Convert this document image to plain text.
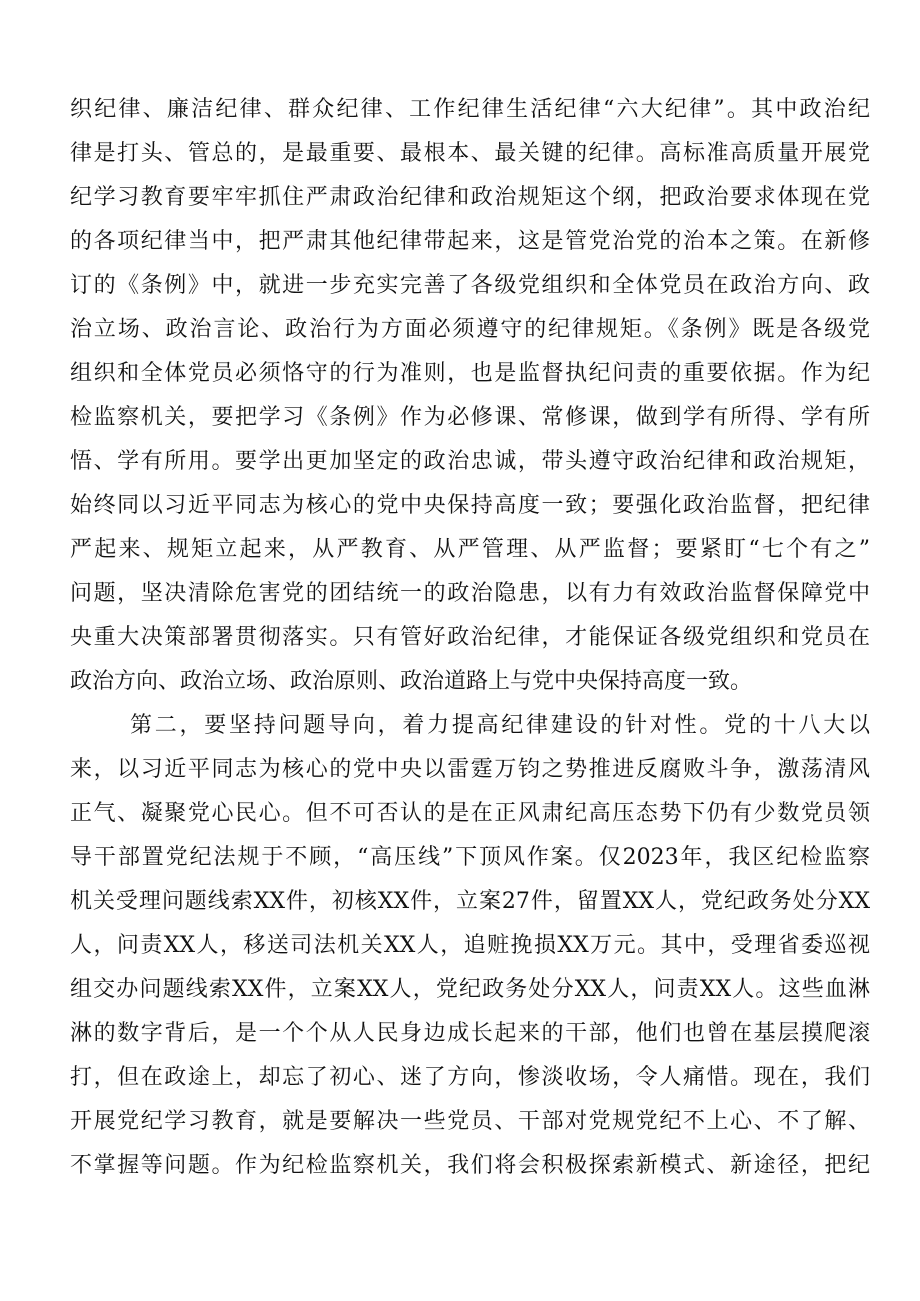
织纪律、廉洁纪律、群众纪律、工作纪律生活纪律“六大纪律”。其中政治纪
律是打头、管总的，是最重要、最根本、最关键的纪律。高标准高质量开展党
纪学习教育要牢牢抓住严肃政治纪律和政治规矩这个纲，把政治要求体现在党
的各项纪律当中，把严肃其他纪律带起来，这是管党治党的治本之策。在新修
订的《条例》中，就进一步充实完善了各级党组织和全体党员在政治方向、政
治立场、政治言论、政治行为方面必须遵守的纪律规矩。《条例》既是各级党
组织和全体党员必须恪守的行为准则，也是监督执纪问责的重要依据。作为纪
检监察机关，要把学习《条例》作为必修课、常修课，做到学有所得、学有所
悟、学有所用。要学出更加坚定的政治忠诚，带头遵守政治纪律和政治规矩，
始终同以习近平同志为核心的党中央保持高度一致；要强化政治监督，把纪律
严起来、规矩立起来，从严教育、从严管理、从严监督；要紧盯“七个有之”
问题，坚决清除危害党的团结统一的政治隐患，以有力有效政治监督保障党中
央重大决策部署贯彻落实。只有管好政治纪律，才能保证各级党组织和党员在
政治方向、政治立场、政治原则、政治道路上与党中央保持高度一致。
第二，要坚持问题导向，着力提高纪律建设的针对性。党的十八大以
来，以习近平同志为核心的党中央以雷霆万钧之势推进反腐败斗争，激荡清风
正气、凝聚党心民心。但不可否认的是在正风肃纪高压态势下仍有少数党员领
导干部置党纪法规于不顾，“高压线”下顶风作案。仅2023年，我区纪检监察
机关受理问题线索XX件，初核XX件，立案27件，留置XX人，党纪政务处分XX
人，问责XX人，移送司法机关XX人，追赃挽损XX万元。其中，受理省委巡视
组交办问题线索XX件，立案XX人，党纪政务处分XX人，问责XX人。这些血淋
淋的数字背后，是一个个从人民身边成长起来的干部，他们也曾在基层摸爬滚
打，但在政途上，却忘了初心、迷了方向，惨淡收场，令人痛惜。现在，我们
开展党纪学习教育，就是要解决一些党员、干部对党规党纪不上心、不了解、
不掌握等问题。作为纪检监察机关，我们将会积极探索新模式、新途径，把纪
